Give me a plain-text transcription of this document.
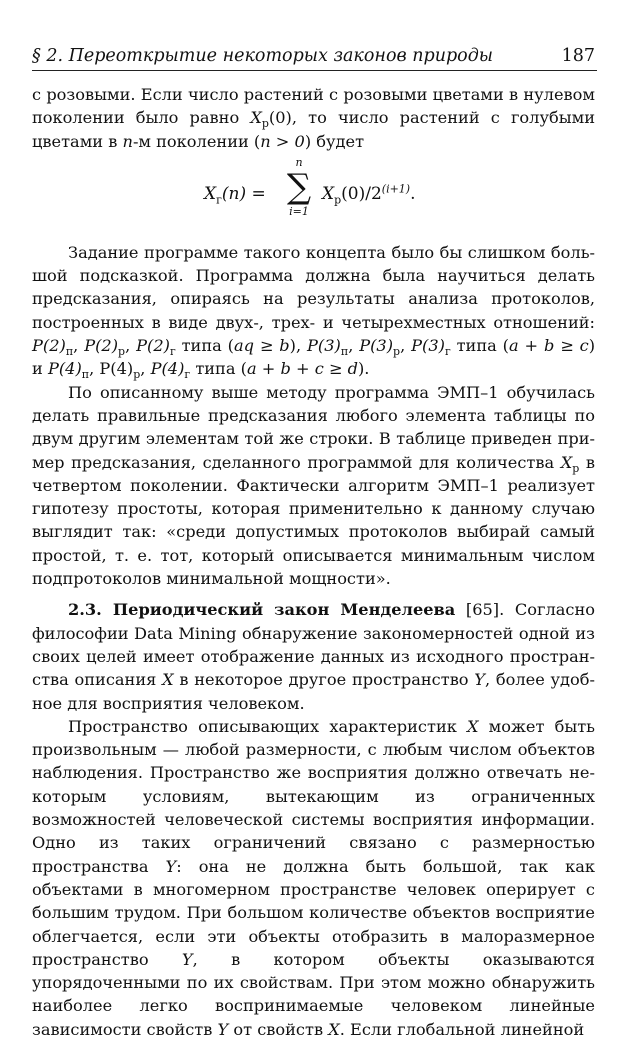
§ 2. Переоткрытие некоторых законов природы	187

с розовыми. Если число растений с розовыми цветами в нулевом поколении было равно $X_р(0)$, то число растений с голубыми цветами в n-м поколении (n > 0) будет

$X_г(n)$ =
n
∑
i=1
$X_р(0)/2^{(i+1)}$.

Задание программе такого концепта было бы слишком большой подсказкой. Программа должна была научиться делать предсказания, опираясь на результаты анализа протоколов, построенных в виде двух-, трех- и четырехместных отношений: $P(2)_п$, $P(2)_р$, $P(2)_г$ типа (aq ≥ b), $P(3)_п$, $P(3)_р$, $P(3)_г$ типа (a + b ≥ c) и $P(4)_п$, $P(4)_р$, $P(4)_г$ типа (a + b + c ≥ d).

По описанному выше методу программа ЭМП–1 обучилась делать правильные предсказания любого элемента таблицы по двум другим элементам той же строки. В таблице приведен пример предсказания, сделанного программой для количества $X_р$ в четвертом поколении. Фактически алгоритм ЭМП–1 реализует гипотезу простоты, которая применительно к данному случаю выглядит так: «среди допустимых протоколов выбирай самый простой, т. е. тот, который описывается минимальным числом подпротоколов минимальной мощности».

2.3. Периодический закон Менделеева [65]. Согласно философии Data Mining обнаружение закономерностей одной из своих целей имеет отображение данных из исходного пространства описания X в некоторое другое пространство Y, более удобное для восприятия человеком.

Пространство описывающих характеристик X может быть произвольным — любой размерности, с любым числом объектов наблюдения. Пространство же восприятия должно отвечать некоторым условиям, вытекающим из ограниченных возможностей человеческой системы восприятия информации. Одно из таких ограничений связано с размерностью пространства Y: она не должна быть большой, так как объектами в многомерном пространстве человек оперирует с большим трудом. При большом количестве объектов восприятие облегчается, если эти объекты отобразить в малоразмерное пространство Y, в котором объекты оказываются упорядоченными по их свойствам. При этом можно обнаружить наиболее легко воспринимаемые человеком линейные зависимости свойств Y от свойств X. Если глобальной линейной
